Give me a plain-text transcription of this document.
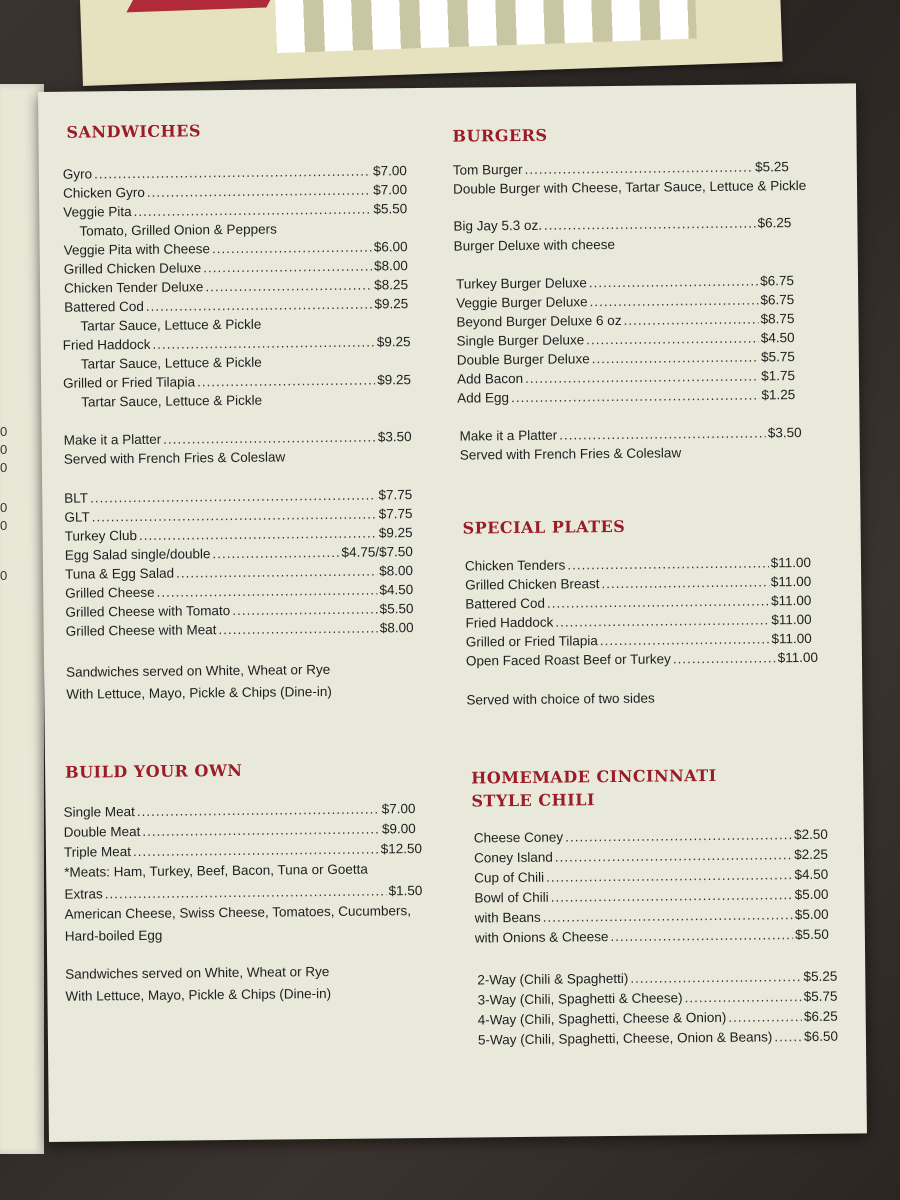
0
0
0
0
0
0
SANDWICHES
Gyro .....	$7.00
Chicken Gyro .....	$7.00
Veggie Pita .....	$5.50
Tomato, Grilled Onion & Peppers
Veggie Pita with Cheese .....	$6.00
Grilled Chicken Deluxe .....	$8.00
Chicken Tender Deluxe .....	$8.25
Battered Cod .....	$9.25
Tartar Sauce, Lettuce & Pickle
Fried Haddock .....	$9.25
Tartar Sauce, Lettuce & Pickle
Grilled or Fried Tilapia .....	$9.25
Tartar Sauce, Lettuce & Pickle
Make it a Platter .....	$3.50
Served with French Fries & Coleslaw
BLT .....	$7.75
GLT .....	$7.75
Turkey Club .....	$9.25
Egg Salad single/double .....	$4.75/$7.50
Tuna & Egg Salad .....	$8.00
Grilled Cheese .....	$4.50
Grilled Cheese with Tomato .....	$5.50
Grilled Cheese with Meat .....	$8.00
Sandwiches served on White, Wheat or Rye
With Lettuce, Mayo, Pickle & Chips (Dine-in)
BUILD YOUR OWN
Single Meat .....	$7.00
Double Meat .....	$9.00
Triple Meat .....	$12.50
*Meats: Ham, Turkey, Beef, Bacon, Tuna or Goetta
Extras .....	$1.50
American Cheese, Swiss Cheese, Tomatoes, Cucumbers,
Hard-boiled Egg
Sandwiches served on White, Wheat or Rye
With Lettuce, Mayo, Pickle & Chips (Dine-in)
BURGERS
Tom Burger .....	$5.25
Double Burger with Cheese, Tartar Sauce, Lettuce & Pickle
Big Jay 5.3 oz. .....	$6.25
Burger Deluxe with cheese
Turkey Burger Deluxe .....	$6.75
Veggie Burger Deluxe .....	$6.75
Beyond Burger Deluxe 6 oz .....	$8.75
Single Burger Deluxe .....	$4.50
Double Burger Deluxe .....	$5.75
Add Bacon .....	$1.75
Add Egg .....	$1.25
Make it a Platter .....	$3.50
Served with French Fries & Coleslaw
SPECIAL PLATES
Chicken Tenders .....	$11.00
Grilled Chicken Breast .....	$11.00
Battered Cod .....	$11.00
Fried Haddock .....	$11.00
Grilled or Fried Tilapia .....	$11.00
Open Faced Roast Beef or Turkey .....	$11.00
Served with choice of two sides
HOMEMADE CINCINNATI
STYLE CHILI
Cheese Coney .....	$2.50
Coney Island .....	$2.25
Cup of Chili .....	$4.50
Bowl of Chili .....	$5.00
with Beans .....	$5.00
with Onions & Cheese .....	$5.50
2-Way (Chili & Spaghetti) .....	$5.25
3-Way (Chili, Spaghetti & Cheese) .....	$5.75
4-Way (Chili, Spaghetti, Cheese & Onion) .....	$6.25
5-Way (Chili, Spaghetti, Cheese, Onion & Beans) ..... $6.50
